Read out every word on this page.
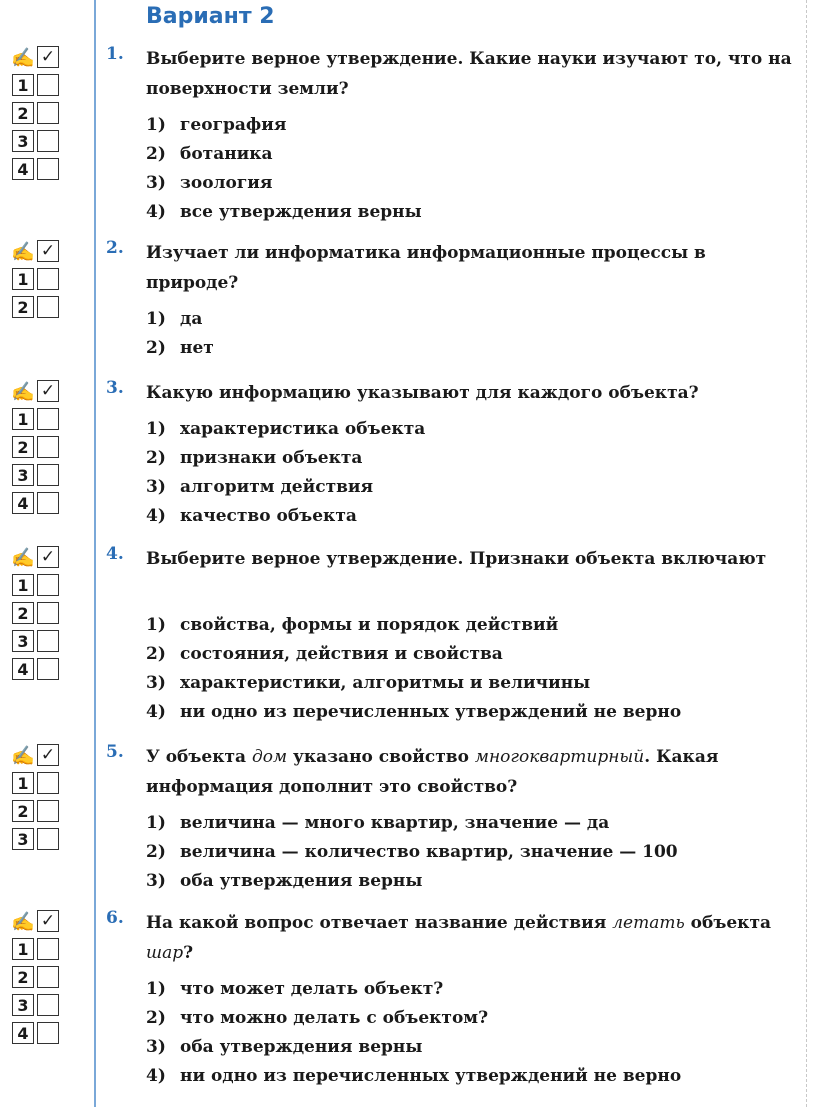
Вариант 2
✍ ✓
1
2
3
4
1. Выберите верное утверждение. Какие науки изучают то, что на поверхности земли?
1) география
2) ботаника
3) зоология
4) все утверждения верны
✍ ✓
1
2
2. Изучает ли информатика информационные процессы в природе?
1) да
2) нет
✍ ✓
1
2
3
4
3. Какую информацию указывают для каждого объекта?
1) характеристика объекта
2) признаки объекта
3) алгоритм действия
4) качество объекта
✍ ✓
1
2
3
4
4. Выберите верное утверждение. Признаки объекта включают
1) свойства, формы и порядок действий
2) состояния, действия и свойства
3) характеристики, алгоритмы и величины
4) ни одно из перечисленных утверждений не верно
✍ ✓
1
2
3
5. У объекта дом указано свойство многоквартирный. Какая информация дополнит это свойство?
1) величина — много квартир, значение — да
2) величина — количество квартир, значение — 100
3) оба утверждения верны
✍ ✓
1
2
3
4
6. На какой вопрос отвечает название действия летать объекта шар?
1) что может делать объект?
2) что можно делать с объектом?
3) оба утверждения верны
4) ни одно из перечисленных утверждений не верно
